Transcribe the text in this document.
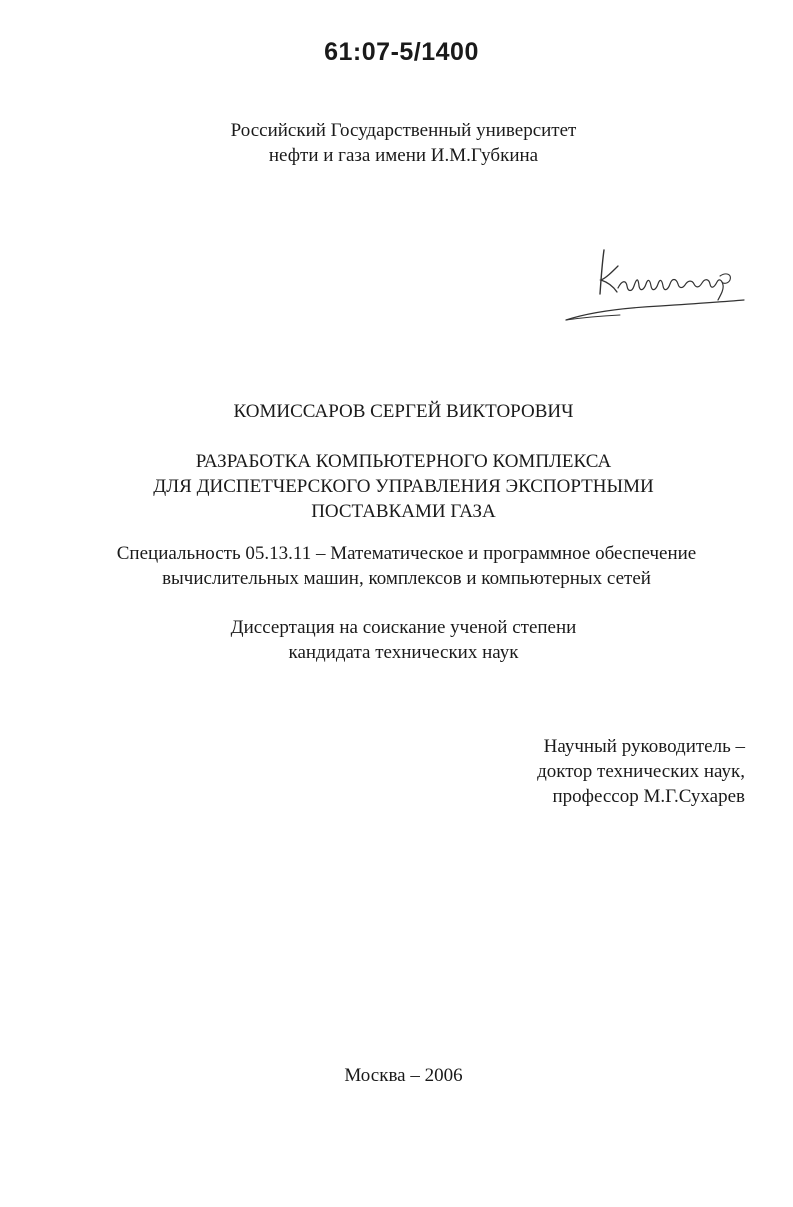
61:07-5/1400
Российский Государственный университет
нефти и газа имени И.М.Губкина
КОМИССАРОВ СЕРГЕЙ ВИКТОРОВИЧ
РАЗРАБОТКА КОМПЬЮТЕРНОГО КОМПЛЕКСА
ДЛЯ ДИСПЕТЧЕРСКОГО УПРАВЛЕНИЯ ЭКСПОРТНЫМИ
ПОСТАВКАМИ ГАЗА
Специальность 05.13.11 – Математическое и программное обеспечение
вычислительных машин, комплексов и компьютерных сетей
Диссертация на соискание ученой степени
кандидата технических наук
Научный руководитель –
доктор технических наук,
профессор М.Г.Сухарев
Москва – 2006
